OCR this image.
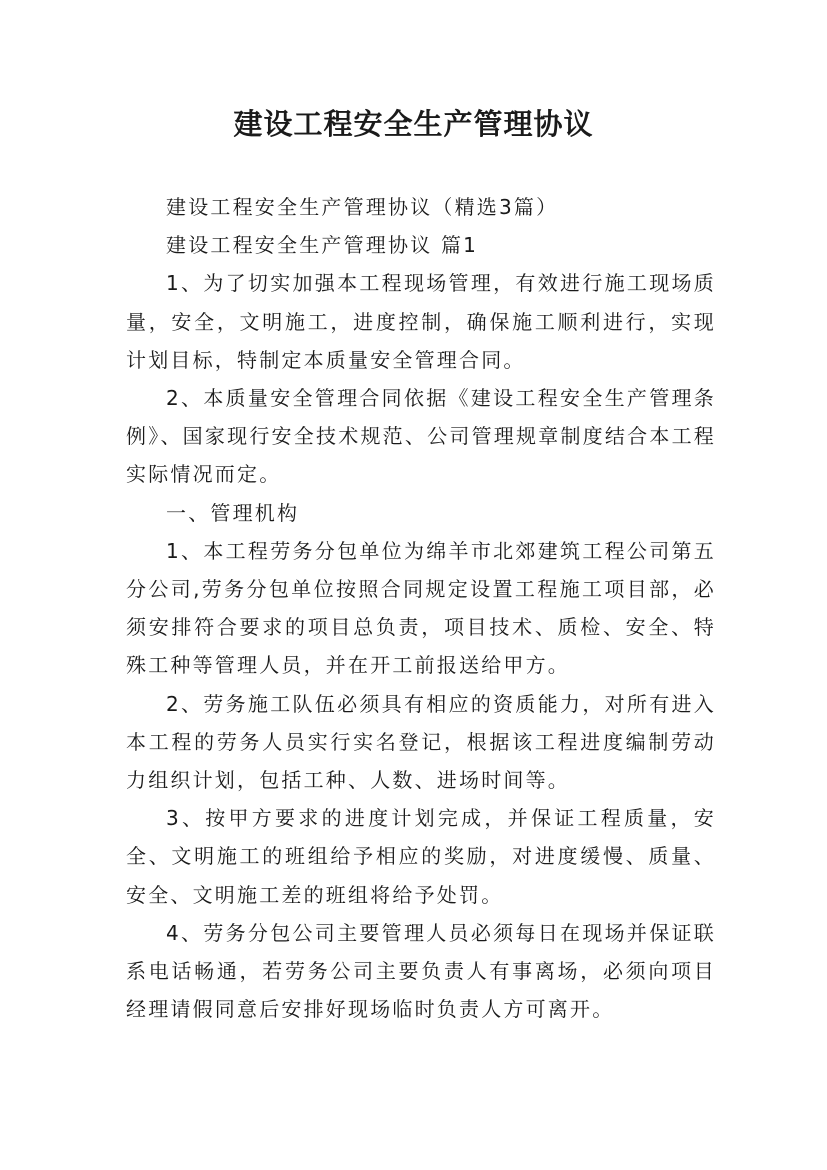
建设工程安全生产管理协议

建设工程安全生产管理协议（精选3篇）

建设工程安全生产管理协议 篇1

1、为了切实加强本工程现场管理，有效进行施工现场质量，安全，文明施工，进度控制，确保施工顺利进行，实现计划目标，特制定本质量安全管理合同。

2、本质量安全管理合同依据《建设工程安全生产管理条例》、国家现行安全技术规范、公司管理规章制度结合本工程实际情况而定。

一、管理机构

1、本工程劳务分包单位为绵羊市北郊建筑工程公司第五分公司,劳务分包单位按照合同规定设置工程施工项目部，必须安排符合要求的项目总负责，项目技术、质检、安全、特殊工种等管理人员，并在开工前报送给甲方。

2、劳务施工队伍必须具有相应的资质能力，对所有进入本工程的劳务人员实行实名登记，根据该工程进度编制劳动力组织计划，包括工种、人数、进场时间等。

3、按甲方要求的进度计划完成，并保证工程质量，安全、文明施工的班组给予相应的奖励，对进度缓慢、质量、安全、文明施工差的班组将给予处罚。

4、劳务分包公司主要管理人员必须每日在现场并保证联系电话畅通，若劳务公司主要负责人有事离场，必须向项目经理请假同意后安排好现场临时负责人方可离开。
